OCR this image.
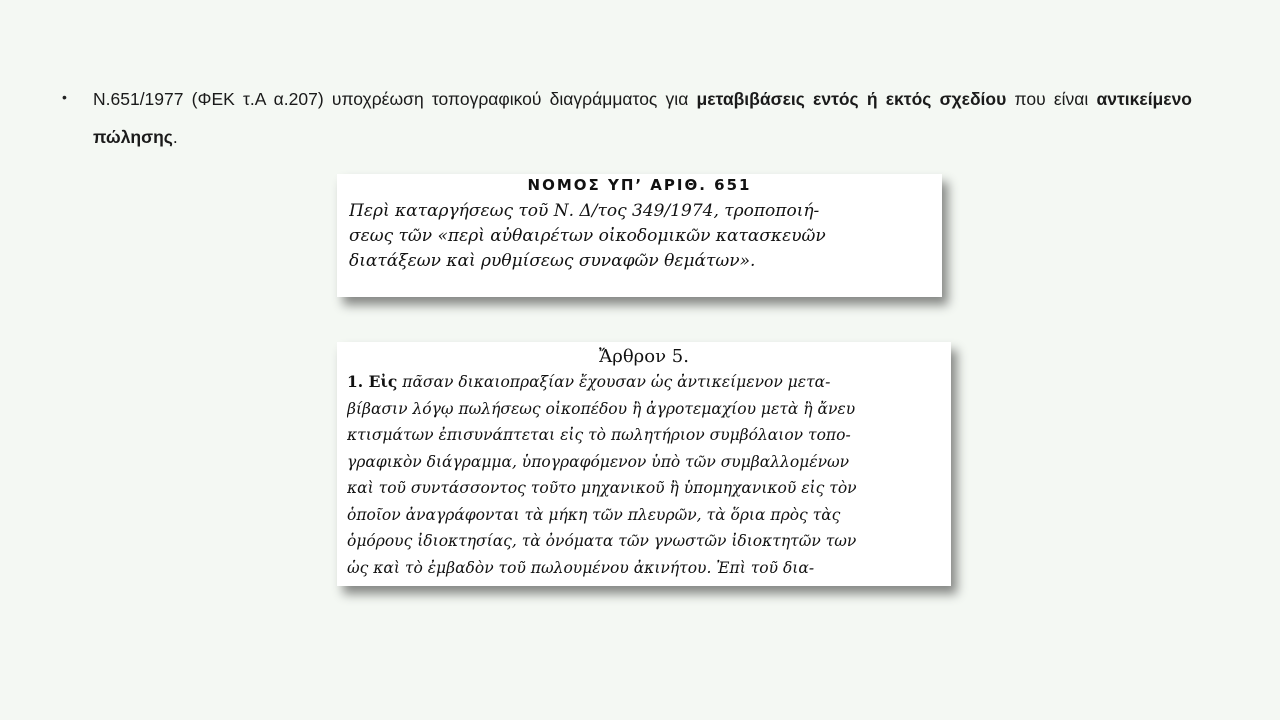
• Ν.651/1977 (ΦΕΚ τ.Α α.207) υποχρέωση τοπογραφικού διαγράμματος για μεταβιβάσεις εντός ή εκτός σχεδίου που είναι αντικείμενο πώλησης.
ΝΟΜΟΣ ΥΠ’ ΑΡΙΘ. 651
Περὶ καταργήσεως τοῦ Ν. Δ/τος 349/1974, τροποποιή-
σεως τῶν «περὶ αὐθαιρέτων οἰκοδομικῶν κατασκευῶν
διατάξεων καὶ ρυθμίσεως συναφῶν θεμάτων».
Ἄρθρον 5.
1. Εἰς πᾶσαν δικαιοπραξίαν ἔχουσαν ὡς ἀντικείμενον μετα-
βίβασιν λόγῳ πωλήσεως οἰκοπέδου ἢ ἀγροτεμαχίου μετὰ ἢ ἄνευ
κτισμάτων ἐπισυνάπτεται εἰς τὸ πωλητήριον συμβόλαιον τοπο-
γραφικὸν διάγραμμα, ὑπογραφόμενον ὑπὸ τῶν συμβαλλομένων
καὶ τοῦ συντάσσοντος τοῦτο μηχανικοῦ ἢ ὑπομηχανικοῦ εἰς τὸν
ὁποῖον ἀναγράφονται τὰ μήκη τῶν πλευρῶν, τὰ ὅρια πρὸς τὰς
ὁμόρους ἰδιοκτησίας, τὰ ὀνόματα τῶν γνωστῶν ἰδιοκτητῶν των
ὡς καὶ τὸ ἐμβαδὸν τοῦ πωλουμένου ἀκινήτου. Ἐπὶ τοῦ δια-
